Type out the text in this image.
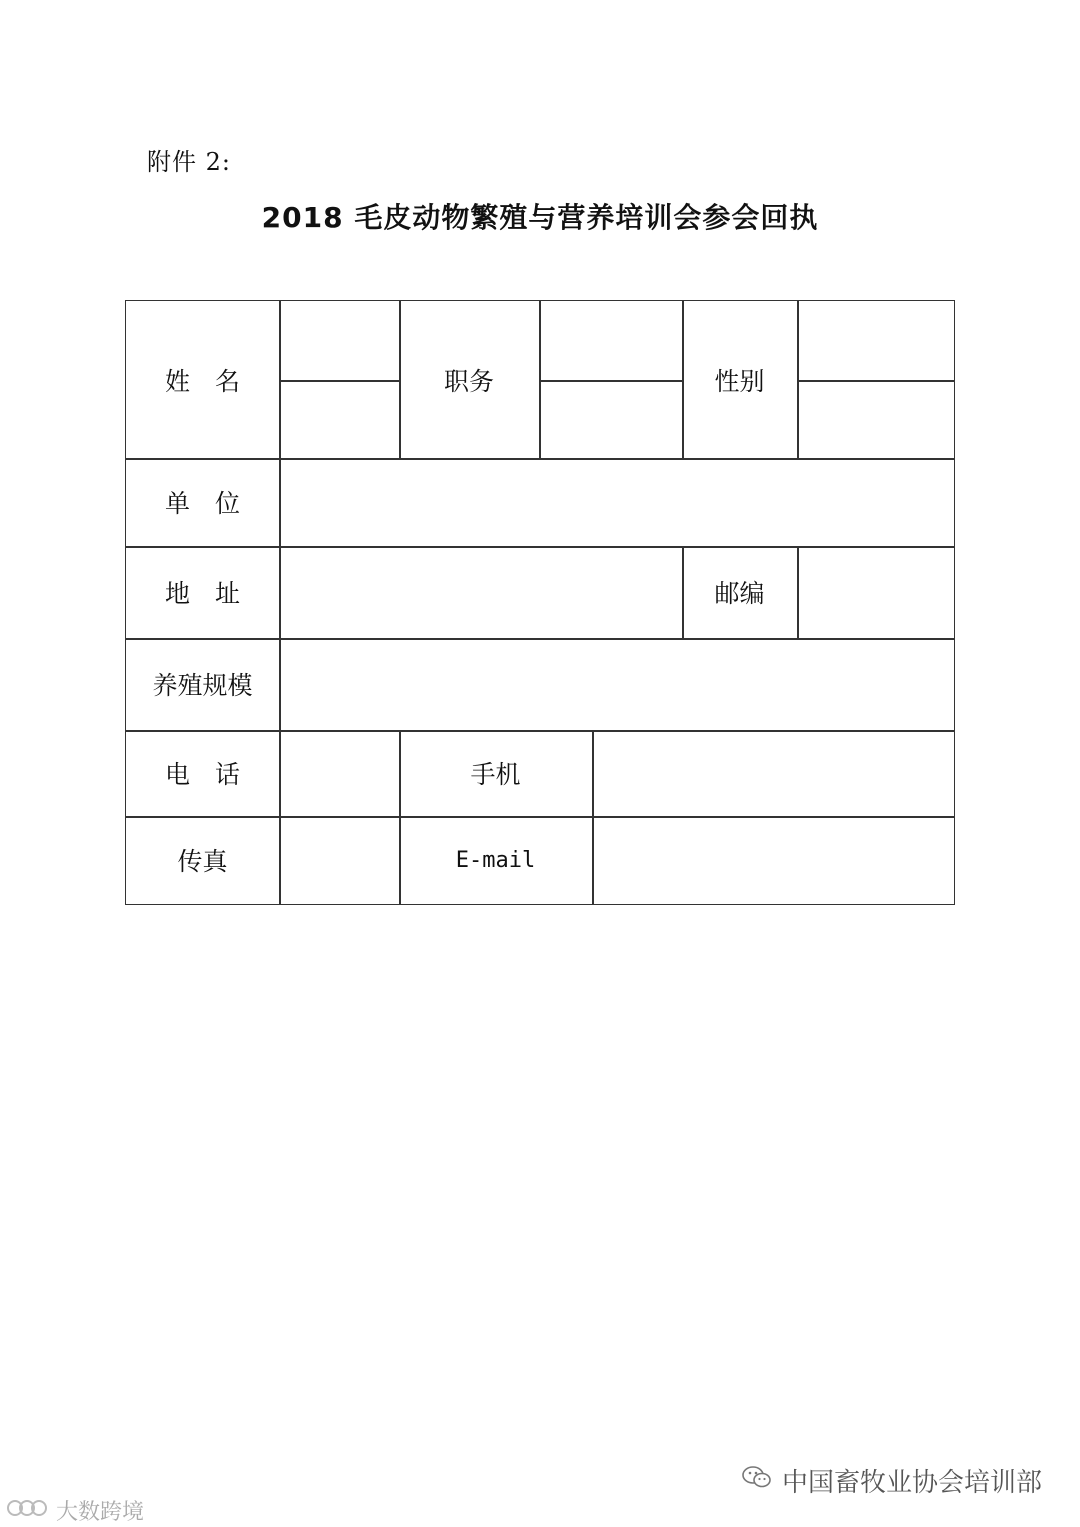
附件 2:
2018 毛皮动物繁殖与营养培训会参会回执
姓　名	职务	性别
单　位
地　址	邮编
养殖规模
电　话	手机
传真	E-mail
中国畜牧业协会培训部
大数跨境
